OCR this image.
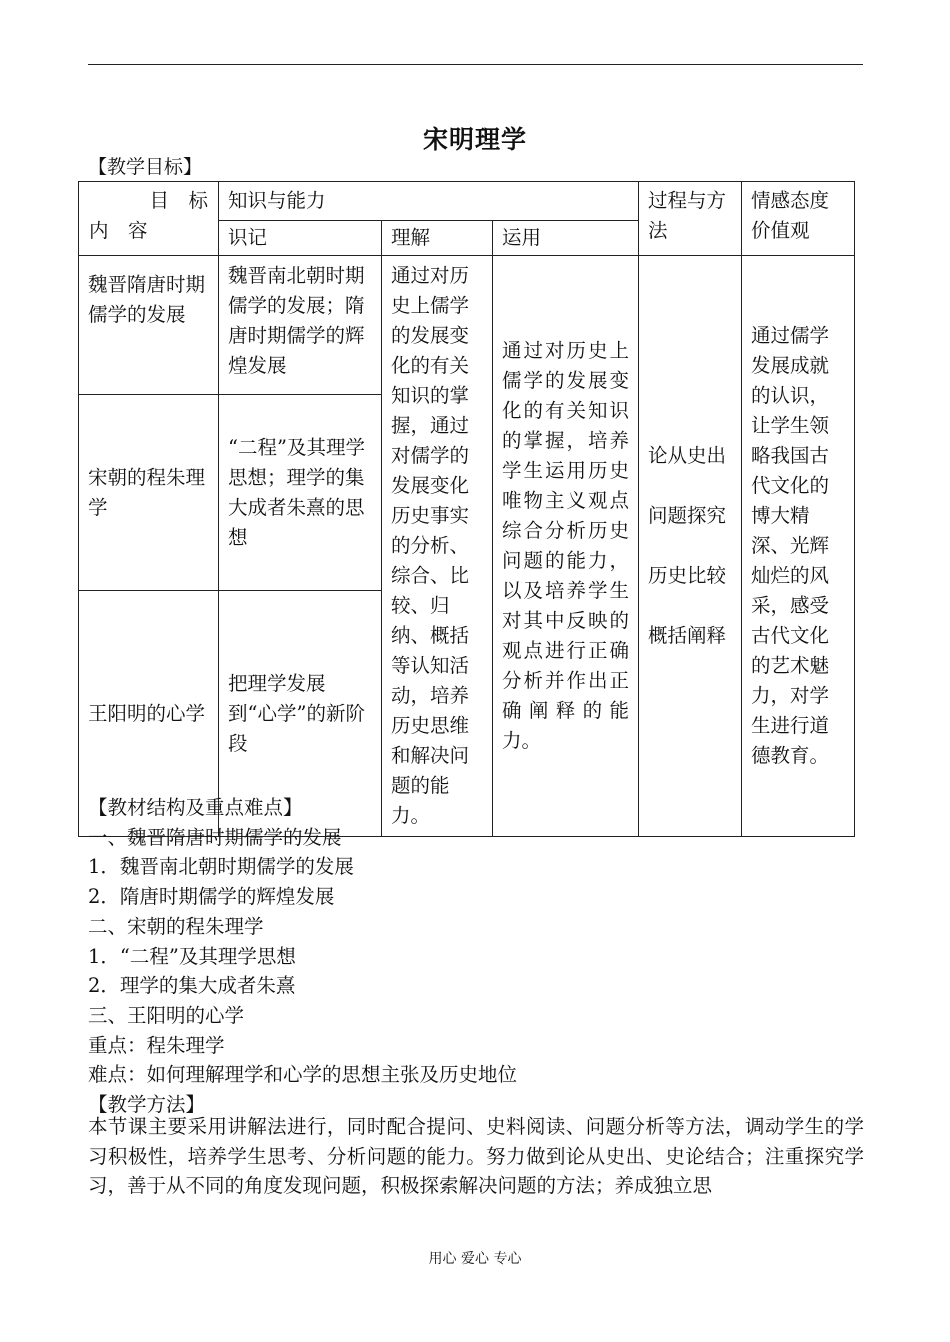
宋明理学
【教学目标】
目　标
内　容	知识与能力			过程与方法	情感态度价值观
	识记	理解	运用		
魏晋隋唐时期儒学的发展	魏晋南北朝时期儒学的发展；隋唐时期儒学的辉煌发展	通过对历史上儒学的发展变化的有关知识的掌握，通过对儒学的发展变化历史事实的分析、综合、比较、归纳、概括等认知活动，培养历史思维和解决问题的能力。	通过对历史上儒学的发展变化的有关知识的掌握，培养学生运用历史唯物主义观点综合分析历史问题的能力，以及培养学生对其中反映的观点进行正确分析并作出正确阐释的能力。	论从史出
问题探究
历史比较
概括阐释	通过儒学发展成就的认识，让学生领略我国古代文化的博大精深、光辉灿烂的风采，感受古代文化的艺术魅力，对学生进行道德教育。
宋朝的程朱理学	“二程”及其理学思想；理学的集大成者朱熹的思想				
王阳明的心学	把理学发展到“心学”的新阶段				
【教材结构及重点难点】
一、魏晋隋唐时期儒学的发展
1．魏晋南北朝时期儒学的发展
2．隋唐时期儒学的辉煌发展
二、宋朝的程朱理学
1．“二程”及其理学思想
2．理学的集大成者朱熹
三、王阳明的心学
重点：程朱理学
难点：如何理解理学和心学的思想主张及历史地位
【教学方法】
本节课主要采用讲解法进行，同时配合提问、史料阅读、问题分析等方法，调动学生的学习积极性，培养学生思考、分析问题的能力。努力做到论从史出、史论结合；注重探究学习，善于从不同的角度发现问题，积极探索解决问题的方法；养成独立思
用心 爱心 专心
